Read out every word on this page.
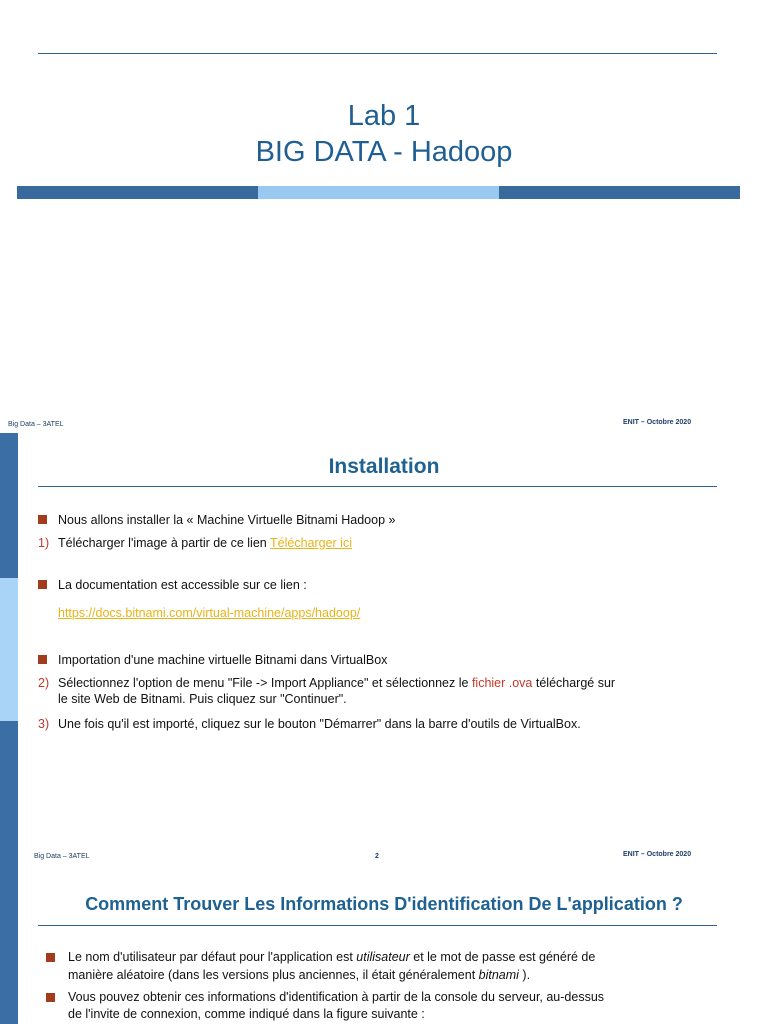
Lab 1
BIG DATA - Hadoop
Big Data – 3ATEL	ENIT – Octobre 2020
Installation
Nous allons installer la « Machine Virtuelle Bitnami Hadoop »
1) Télécharger l'image à partir de ce lien Télécharger ici
La documentation est accessible sur ce lien :
https://docs.bitnami.com/virtual-machine/apps/hadoop/
Importation d'une machine virtuelle Bitnami dans VirtualBox
2) Sélectionnez l'option de menu "File -> Import Appliance" et sélectionnez le fichier .ova téléchargé sur
le site Web de Bitnami. Puis cliquez sur "Continuer".
3) Une fois qu'il est importé, cliquez sur le bouton "Démarrer" dans la barre d'outils de VirtualBox.
Big Data – 3ATEL	2	ENIT – Octobre 2020
Comment Trouver Les Informations D'identification De L'application ?
Le nom d'utilisateur par défaut pour l'application est utilisateur et le mot de passe est généré de
manière aléatoire (dans les versions plus anciennes, il était généralement bitnami ).
Vous pouvez obtenir ces informations d'identification à partir de la console du serveur, au-dessus
de l'invite de connexion, comme indiqué dans la figure suivante :
